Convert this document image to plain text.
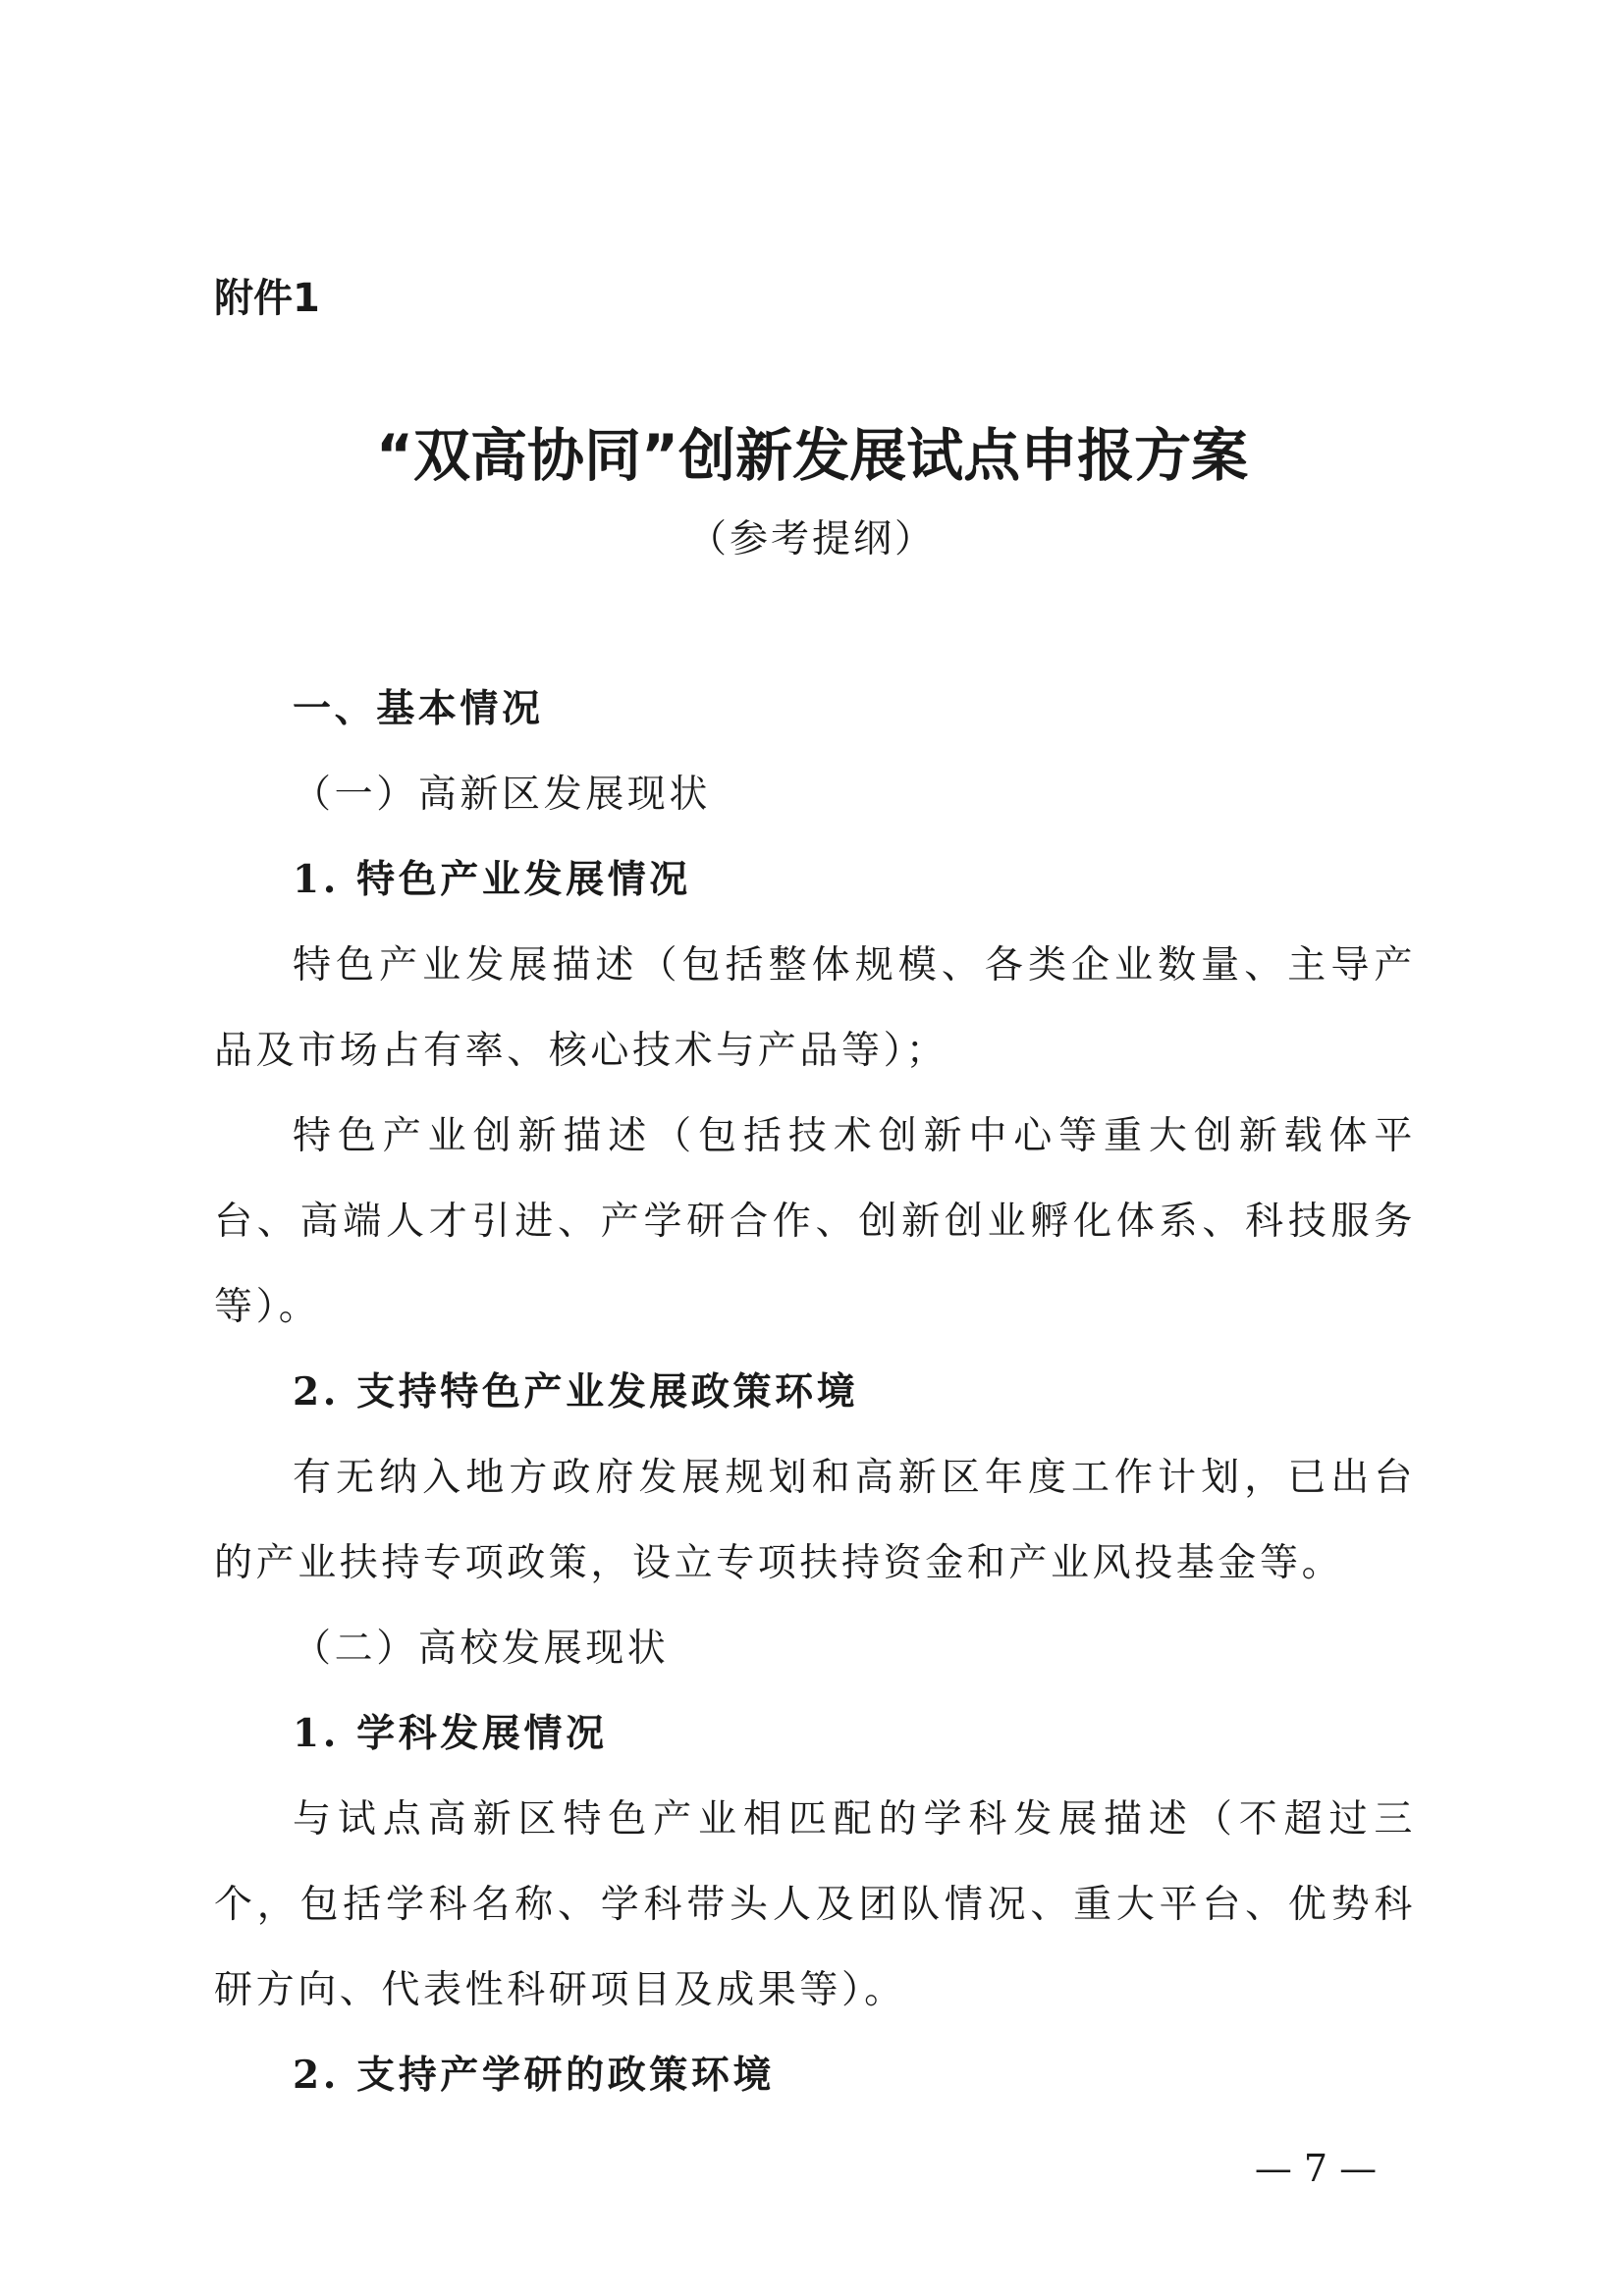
附件1
“双高协同”创新发展试点申报方案
（参考提纲）

一、基本情况

（一）高新区发展现状

1. 特色产业发展情况

特色产业发展描述（包括整体规模、各类企业数量、主导产品及市场占有率、核心技术与产品等）；

特色产业创新描述（包括技术创新中心等重大创新载体平台、高端人才引进、产学研合作、创新创业孵化体系、科技服务等）。

2. 支持特色产业发展政策环境

有无纳入地方政府发展规划和高新区年度工作计划，已出台的产业扶持专项政策，设立专项扶持资金和产业风投基金等。

（二）高校发展现状

1. 学科发展情况

与试点高新区特色产业相匹配的学科发展描述（不超过三个，包括学科名称、学科带头人及团队情况、重大平台、优势科研方向、代表性科研项目及成果等）。

2. 支持产学研的政策环境

— 7 —
